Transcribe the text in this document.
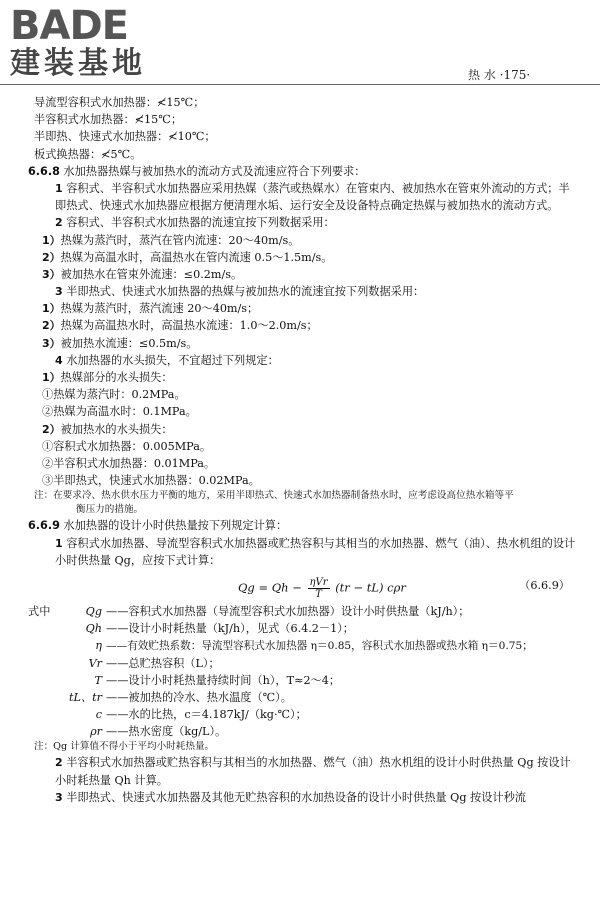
BADE
建装基地	热 水 ·175·
导流型容积式水加热器：≮15℃；
半容积式水加热器：≮15℃；
半即热、快速式水加热器：≮10℃；
板式换热器：≮5℃。
6.6.8 水加热器热媒与被加热水的流动方式及流速应符合下列要求：
1 容积式、半容积式水加热器应采用热媒（蒸汽或热媒水）在管束内、被加热水在管束外流动的方式；半即热式、快速式水加热器应根据方便清理水垢、运行安全及设备特点确定热媒与被加热水的流动方式。
2 容积式、半容积式水加热器的流速宜按下列数据采用：
1）热媒为蒸汽时，蒸汽在管内流速：20～40m/s。
2）热媒为高温水时，高温热水在管内流速 0.5～1.5m/s。
3）被加热水在管束外流速：≤0.2m/s。
3 半即热式、快速式水加热器的热媒与被加热水的流速宜按下列数据采用：
1）热媒为蒸汽时，蒸汽流速 20～40m/s；
2）热媒为高温热水时，高温热水流速：1.0～2.0m/s；
3）被加热水流速：≤0.5m/s。
4 水加热器的水头损失，不宜超过下列规定：
1）热媒部分的水头损失：
①热媒为蒸汽时：0.2MPa。
②热媒为高温水时：0.1MPa。
2）被加热水的水头损失：
①容积式水加热器：0.005MPa。
②半容积式水加热器：0.01MPa。
③半即热式，快速式水加热器：0.02MPa。
注：在要求冷、热水供水压力平衡的地方，采用半即热式、快速式水加热器制备热水时，应考虑设高位热水箱等平
衡压力的措施。
6.6.9 水加热器的设计小时供热量按下列规定计算：
1 容积式水加热器、导流型容积式水加热器或贮热容积与其相当的水加热器、燃气（油）、热水机组的设计小时供热量 Qg，应按下式计算：
$Qg = Qh - \frac{\text{ηVr}}{T} (tr - tL)$ cρr	（6.6.9）
式中	Qg ——容积式水加热器（导流型容积式水加热器）设计小时供热量（kJ/h）；
Qh ——设计小时耗热量（kJ/h），见式（6.4.2－1）；
η ——有效贮热系数：导流型容积式水加热器 η＝0.85，容积式水加热器或热水箱 η＝0.75；
Vr ——总贮热容积（L）；
T ——设计小时耗热量持续时间（h），T≈2～4；
tL、tr ——被加热的冷水、热水温度（℃）。
c ——水的比热，c＝4.187kJ/（kg·℃）；
ρr ——热水密度（kg/L）。
注：Qg 计算值不得小于平均小时耗热量。
2 半容积式水加热器或贮热容积与其相当的水加热器、燃气（油）热水机组的设计小时供热量 Qg 按设计小时耗热量 Qh 计算。
3 半即热式、快速式水加热器及其他无贮热容积的水加热设备的设计小时供热量 Qg 按设计秒流
